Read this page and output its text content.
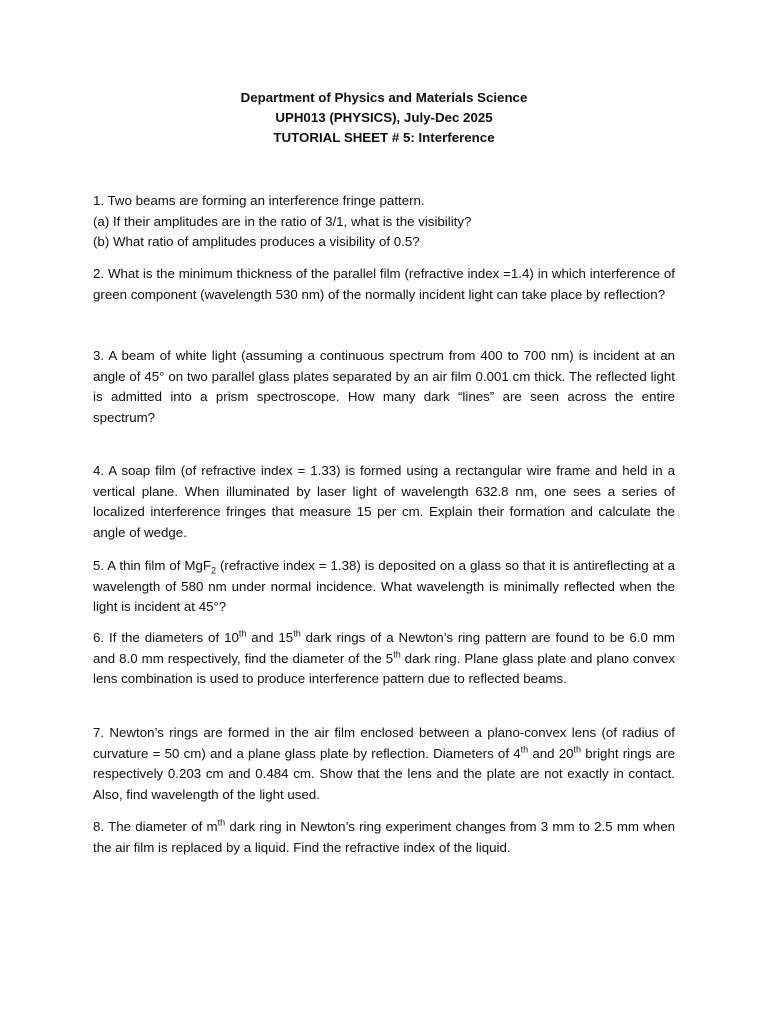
Department of Physics and Materials Science
UPH013 (PHYSICS), July-Dec 2025
TUTORIAL SHEET # 5: Interference

1. Two beams are forming an interference fringe pattern.

(a) If their amplitudes are in the ratio of 3/1, what is the visibility?

(b) What ratio of amplitudes produces a visibility of 0.5?

2. What is the minimum thickness of the parallel film (refractive index =1.4) in which interference of green component (wavelength 530 nm) of the normally incident light can take place by reflection?

3. A beam of white light (assuming a continuous spectrum from 400 to 700 nm) is incident at an angle of 45° on two parallel glass plates separated by an air film 0.001 cm thick. The reflected light is admitted into a prism spectroscope. How many dark “lines” are seen across the entire spectrum?

4. A soap film (of refractive index = 1.33) is formed using a rectangular wire frame and held in a vertical plane. When illuminated by laser light of wavelength 632.8 nm, one sees a series of localized interference fringes that measure 15 per cm. Explain their formation and calculate the angle of wedge.

5. A thin film of MgF$_2$ (refractive index = 1.38) is deposited on a glass so that it is antireflecting at a wavelength of 580 nm under normal incidence. What wavelength is minimally reflected when the light is incident at 45°?

6. If the diameters of 10th and 15th dark rings of a Newton’s ring pattern are found to be 6.0 mm and 8.0 mm respectively, find the diameter of the 5th dark ring. Plane glass plate and plano convex lens combination is used to produce interference pattern due to reflected beams.

7. Newton’s rings are formed in the air film enclosed between a plano-convex lens (of radius of curvature = 50 cm) and a plane glass plate by reflection. Diameters of 4th and 20th bright rings are respectively 0.203 cm and 0.484 cm. Show that the lens and the plate are not exactly in contact. Also, find wavelength of the light used.

8. The diameter of $m^{th}$ dark ring in Newton’s ring experiment changes from 3 mm to 2.5 mm when the air film is replaced by a liquid. Find the refractive index of the liquid.
